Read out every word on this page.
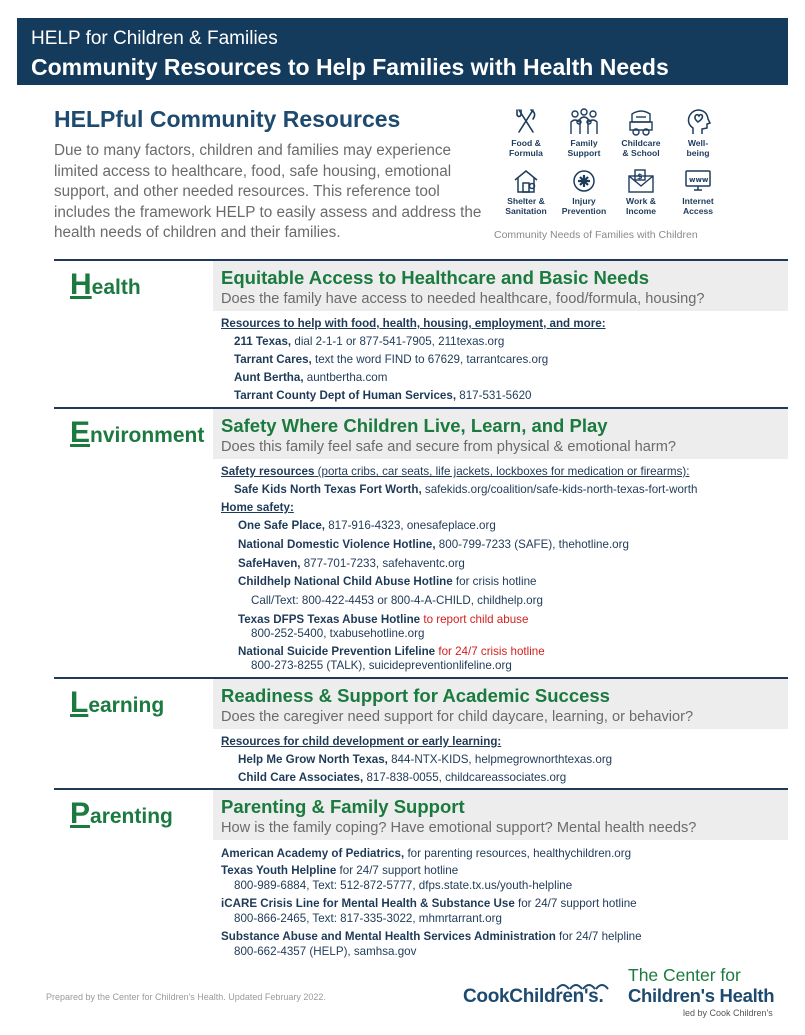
HELP for Children & Families
Community Resources to Help Families with Health Needs
HELPful Community Resources
Due to many factors, children and families may experience limited access to healthcare, food, safe housing, emotional support, and other needed resources. This reference tool includes the framework HELP to easily assess and address the health needs of children and their families.
Food &
Formula
Family
Support
Childcare
& School
Well-
being
Shelter &
Sanitation
Injury
Prevention
$
Work &
Income
www
Internet
Access
Community Needs of Families with Children
Health	Equitable Access to Healthcare and Basic Needs
Does the family have access to needed healthcare, food/formula, housing?
Resources to help with food, health, housing, employment, and more:
211 Texas, dial 2-1-1 or 877-541-7905, 211texas.org
Tarrant Cares, text the word FIND to 67629, tarrantcares.org
Aunt Bertha, auntbertha.com
Tarrant County Dept of Human Services, 817-531-5620
Environment Safety Where Children Live, Learn, and Play
Does this family feel safe and secure from physical & emotional harm?
Safety resources (porta cribs, car seats, life jackets, lockboxes for medication or firearms):
Safe Kids North Texas Fort Worth, safekids.org/coalition/safe-kids-north-texas-fort-worth
Home safety:
One Safe Place, 817-916-4323, onesafeplace.org
National Domestic Violence Hotline, 800-799-7233 (SAFE), thehotline.org
SafeHaven, 877-701-7233, safehaventc.org
Childhelp National Child Abuse Hotline for crisis hotline
Call/Text: 800-422-4453 or 800-4-A-CHILD, childhelp.org
Texas DFPS Texas Abuse Hotline to report child abuse
800-252-5400, txabusehotline.org
National Suicide Prevention Lifeline for 24/7 crisis hotline
800-273-8255 (TALK), suicidepreventionlifeline.org
Learning	Readiness & Support for Academic Success
Does the caregiver need support for child daycare, learning, or behavior?
Resources for child development or early learning:
Help Me Grow North Texas, 844-NTX-KIDS, helpmegrownorthtexas.org
Child Care Associates, 817-838-0055, childcareassociates.org
Parenting	Parenting & Family Support
How is the family coping? Have emotional support? Mental health needs?
American Academy of Pediatrics, for parenting resources, healthychildren.org
Texas Youth Helpline for 24/7 support hotline
800-989-6884, Text: 512-872-5777, dfps.state.tx.us/youth-helpline
iCARE Crisis Line for Mental Health & Substance Use for 24/7 support hotline
800-866-2465, Text: 817-335-3022, mhmrtarrant.org
Substance Abuse and Mental Health Services Administration for 24/7 helpline
800-662-4357 (HELP), samhsa.gov
Prepared by the Center for Children's Health. Updated February 2022.	CookChildren's.
The Center for
Children's Health
led by Cook Children's
